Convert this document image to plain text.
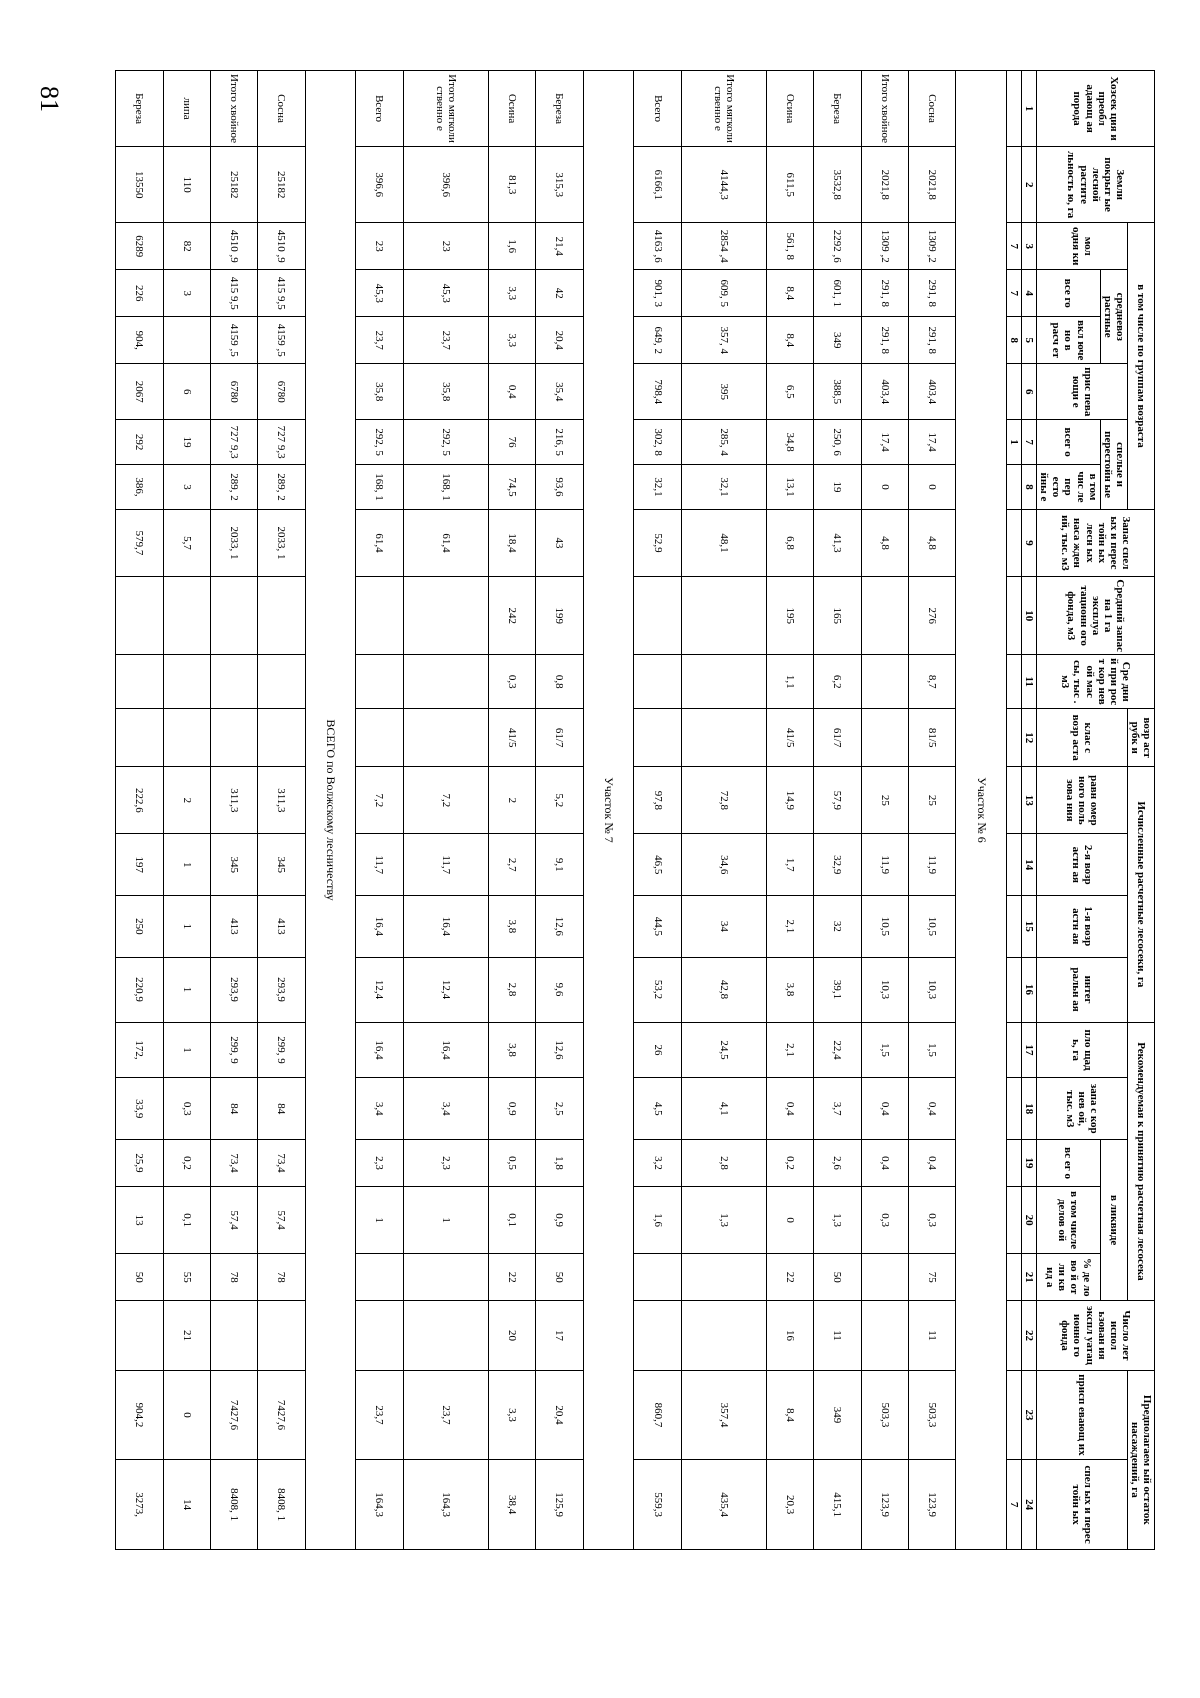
81	Хозсек ция и преобл адающ ая порода	Земли покрыт ые лесной растите льность ю, га	в том числе по группам возраста						Запас спел ых и перес тойн ых лесн ых наса жден ий, тыс. м3	Средний запас на 1 га эксплуа тационн ого фонда, м3	Сре дни й при рос т кор нев ой мас сы, тыс . м3	возр аст рубк и	Исчисленные расчетные лесосеки, га				Рекомендуемая к принятию расчетная лесосека					Число лет испол ьзован ия экспл уатац ионно го фонда	Предполагаем ый остаток насаждений, га	
		мол одня ки	средневоз растные		прис пева ющи е	спелые и перестойн ые					клас с возр аста	равн омер ного поль зова ния	2-я возр астн ая	1-я возр астн ая	интег ральн ая	пло щад ь, га	запа с кор нев ой, тыс. м3	в ликвиде				присп евающ их	спел ых и перес тойн ых
			все го	вкл юче но в расч ет		всег о	в том чис ле пер есто йны е											вс ег о	в том числе делов ой	% де ло во й от ли кв ид а			
1	2	3	4	5	6	7	8	9	10	11	12	13	14	15	16	17	18	19	20	21	22	23	24
		7	7	8		1																	7
Участок № 6																							
Сосна	2021,8	1309 ,2	291, 8	291, 8	403,4	17,4	0	4,8	276	8,7	81/5	25	11,9	10,5	10,3	1,5	0,4	0,4	0,3	75	11	503,3	123,9
Итого хвойное	2021,8	1309 ,2	291, 8	291, 8	403,4	17,4	0	4,8				25	11,9	10,5	10,3	1,5	0,4	0,4	0,3			503,3	123,9
Береза	3532,8	2292 ,6	601, 1	349	388,5	250, 6	19	41,3	165	6,2	61/7	57,9	32,9	32	39,1	22,4	3,7	2,6	1,3	50	11	349	415,1
Осина	611,5	561, 8	8,4	8,4	6,5	34,8	13,1	6,8	195	1,1	41/5	14,9	1,7	2,1	3,8	2,1	0,4	0,2	0	22	16	8,4	20,3
Итого мягколи ственно е	4144,3	2854 ,4	609, 5	357, 4	395	285, 4	32,1	48,1				72,8	34,6	34	42,8	24,5	4,1	2,8	1,3			357,4	435,4
Всего	6166,1	4163 ,6	901, 3	649, 2	798,4	302, 8	32,1	52,9				97,8	46,5	44,5	53,2	26	4,5	3,2	1,6			860,7	559,3
Участок № 7																							
Береза	315,3	21,4	42	20,4	35,4	216, 5	93,6	43	199	0,8	61/7	5,2	9,1	12,6	9,6	12,6	2,5	1,8	0,9	50	17	20,4	125,9
Осина	81,3	1,6	3,3	3,3	0,4	76	74,5	18,4	242	0,3	41/5	2	2,7	3,8	2,8	3,8	0,9	0,5	0,1	22	20	3,3	38,4
Итого мягколи ственно е	396,6	23	45,3	23,7	35,8	292, 5	168, 1	61,4				7,2	11,7	16,4	12,4	16,4	3,4	2,3	1			23,7	164,3
Всего	396,6	23	45,3	23,7	35,8	292, 5	168, 1	61,4				7,2	11,7	16,4	12,4	16,4	3,4	2,3	1			23,7	164,3
ВСЕГО по Волжскому лесничеству																							
Сосна	25182	4510 ,9	415 9,5	4159 ,5	6780	727 9,3	289, 2	2033, 1				311,3	345	413	293,9	299, 9	84	73,4	57,4	78		7427,6	8408, 1
Итого хвойное	25182	4510 ,9	415 9,5	4159 ,5	6780	727 9,3	289, 2	2033, 1				311,3	345	413	293,9	299, 9	84	73,4	57,4	78		7427,6	8408, 1
липа	110	82	3		6	19	3	5,7				2	1	1	1	1	0,3	0,2	0,1	55	21	0	14
Береза	13550	6289	226	904,	2067	292	386,	579,7				222,6	197	250	220,9	172,	33,9	25,9	13	50		904,2	3273,
